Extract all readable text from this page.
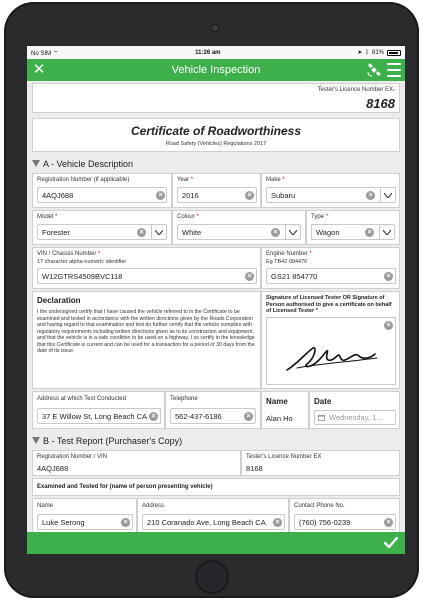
No SIM ⌔	11:26 am	➤ ᛒ 81%
✕	Vehicle Inspection
Tester's Licence Number EX-
8168
Certificate of Roadworthiness
Road Safety (Vehicles) Regulations 2017
A - Vehicle Description
Registration Number (if applicable)
4AQJ688	×
Year *
2016	×
Make *
Subaru	×
Model *
Forester	×
Colour *
White	×
Type *
Wagon	×
VIN / Chassis Number *
17 character alpha-numeric identifier
W12GTRS4509BVC118	×
Engine Number *
Eg TB42 094476
GS21 854770	×
Declaration
I the undersigned certify that I have caused the vehicle referred to in the Certificate to be examined and tested in accordance with the written directions given by the Roads Corporation and having regard to that examination and test do further certify that the vehicle complies with regulatory requirements including written directions given as to its construction and equipment, and that the vehicle is in a safe condition to be used on a highway. I so certify in the knowledge that this Certificate is current and can be used for a transaction for a period of 30 days from the date of its issue.
Signature of Licensed Tester OR Signature of Person authorised to give a certificate on behalf of Licensed Tester *
×
Address at which Test Conducted
37 E Willow St, Long Beach CA ×
Telephone
562-437-6186	×
Name
Alan Ho
Date
Wednesday, 1...
B - Test Report (Purchaser's Copy)
Registration Number / VIN
4AQJ688
Tester's Licence Number EX
8168
Examined and Tested for (name of person presenting vehicle)
Name
Luke Serong	×
Address
210 Coranado Ave, Long Beach CA	×
Contact Phone No.
(760) 756-0239	×
